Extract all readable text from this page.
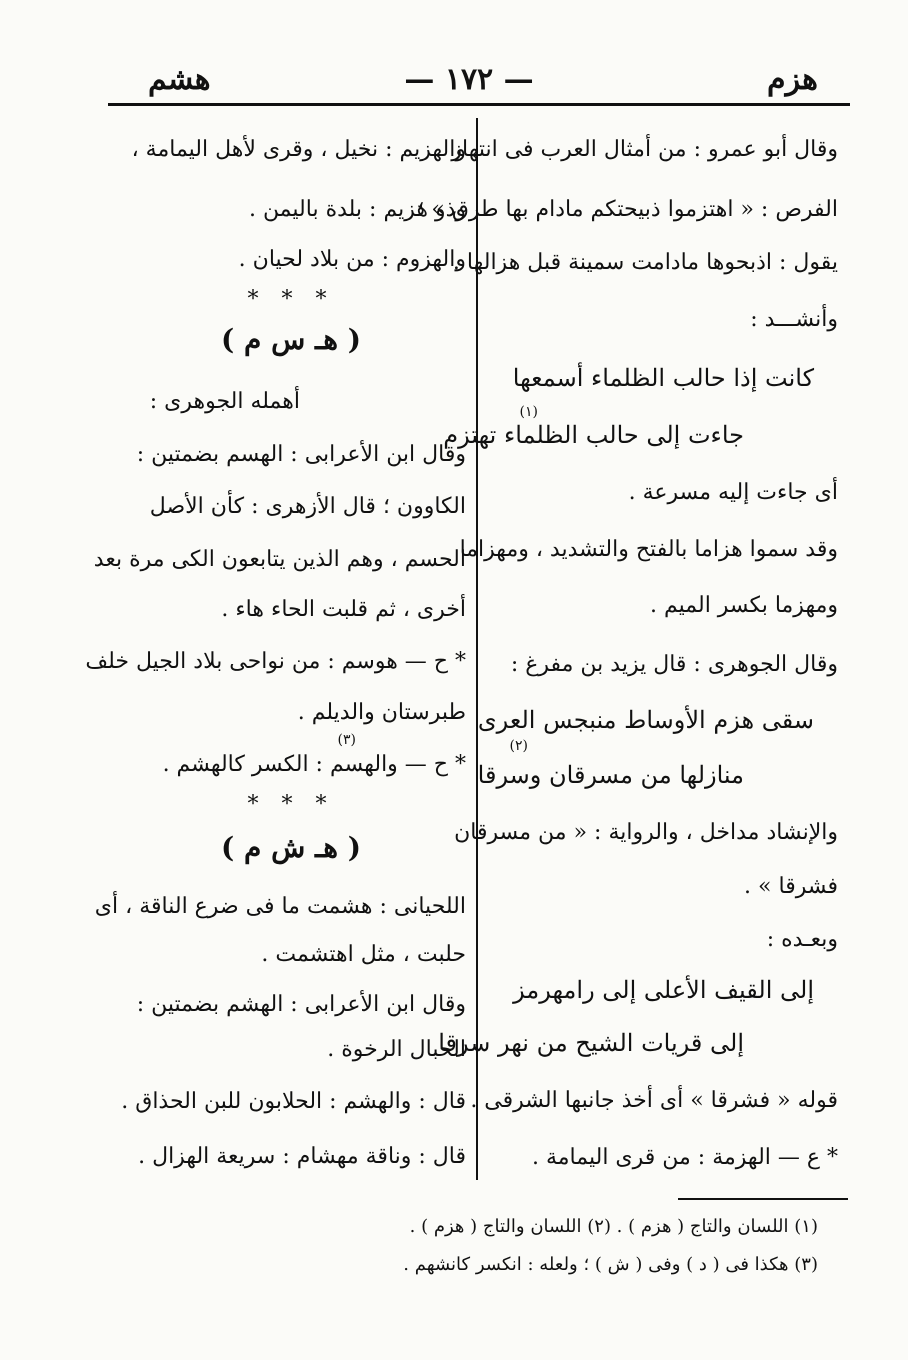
هزم
— ١٧٢ —
هشم
وقال أبو عمرو : من أمثال العرب فى انتهاز
الفرص : « اهتزموا ذبيحتكم مادام بها طرق » ؛
يقول : اذبحوها مادامت سمينة قبل هزالها .
وأنشـــد :
كانت إذا حالب الظلماء أسمعها
(١)
جاءت إلى حالب الظلماء تهتزم
أى جاءت إليه مسرعة .
وقد سموا هزاما بالفتح والتشديد ، ومهزاما
ومهزما بكسر الميم .
وقال الجوهرى : قال يزيد بن مفرغ :
سقى هزم الأوساط منبجس العرى
(٢)
منازلها من مسرقان وسرقا
والإنشاد مداخل ، والرواية : « من مسرقان
فشرقا » .
وبعـده :
إلى القيف الأعلى إلى رامهرمز
إلى قريات الشيح من نهر سرقا
قوله « فشرقا » أى أخذ جانبها الشرقى .
* ع — الهزمة : من قرى اليمامة .
والهزيم : نخيل ، وقرى لأهل اليمامة ،
وذو هزيم : بلدة باليمن .
والهزوم : من بلاد لحيان .
* * *
( هـ س م )
أهمله الجوهرى :
وقال ابن الأعرابى : الهسم بضمتين :
الكاوون ؛ قال الأزهرى : كأن الأصل
الحسم ، وهم الذين يتابعون الكى مرة بعد
أخرى ، ثم قلبت الحاء هاء .
* ح — هوسم : من نواحى بلاد الجيل خلف
طبرستان والديلم .
(٣)
* ح — والهسم : الكسر كالهشم .
* * *
( هـ ش م )
اللحيانى : هشمت ما فى ضرع الناقة ، أى
حلبت ، مثل اهتشمت .
وقال ابن الأعرابى : الهشم بضمتين :
الحبال الرخوة .
قال : والهشم : الحلابون للبن الحذاق .
قال : وناقة مهشام : سريعة الهزال .
(١) اللسان والتاج ( هزم ) . (٢) اللسان والتاج ( هزم ) .
(٣) هكذا فى ( د ) وفى ( ش ) ؛ ولعله : انكسر كانشهم .
